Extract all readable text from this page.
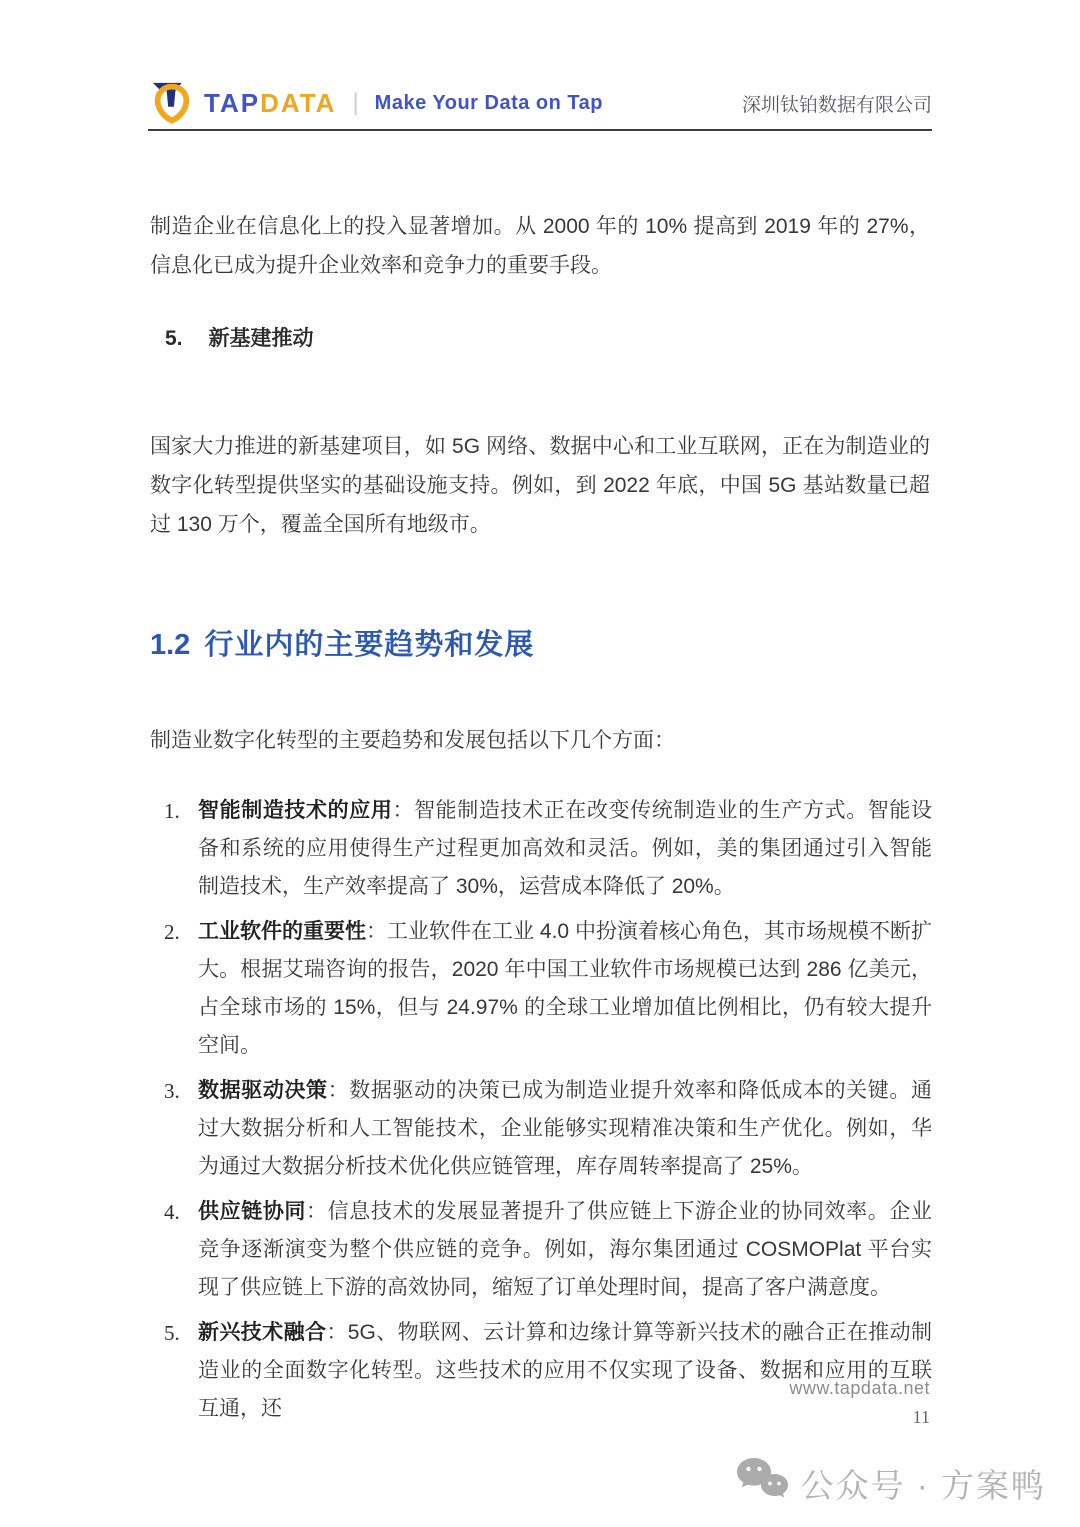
TAPDATA | Make Your Data on Tap	深圳钛铂数据有限公司

制造企业在信息化上的投入显著增加。从 2000 年的 10% 提高到 2019 年的 27%，信息化已成为提升企业效率和竞争力的重要手段。

5. 新基建推动

国家大力推进的新基建项目，如 5G 网络、数据中心和工业互联网，正在为制造业的数字化转型提供坚实的基础设施支持。例如，到 2022 年底，中国 5G 基站数量已超过 130 万个，覆盖全国所有地级市。

1.2 行业内的主要趋势和发展

制造业数字化转型的主要趋势和发展包括以下几个方面：

1. 智能制造技术的应用：智能制造技术正在改变传统制造业的生产方式。智能设备和系统的应用使得生产过程更加高效和灵活。例如，美的集团通过引入智能制造技术，生产效率提高了 30%，运营成本降低了 20%。
2. 工业软件的重要性：工业软件在工业 4.0 中扮演着核心角色，其市场规模不断扩大。根据艾瑞咨询的报告，2020 年中国工业软件市场规模已达到 286 亿美元，占全球市场的 15%，但与 24.97% 的全球工业增加值比例相比，仍有较大提升空间。
3. 数据驱动决策：数据驱动的决策已成为制造业提升效率和降低成本的关键。通过大数据分析和人工智能技术，企业能够实现精准决策和生产优化。例如，华为通过大数据分析技术优化供应链管理，库存周转率提高了 25%。
4. 供应链协同：信息技术的发展显著提升了供应链上下游企业的协同效率。企业竞争逐渐演变为整个供应链的竞争。例如，海尔集团通过 COSMOPlat 平台实现了供应链上下游的高效协同，缩短了订单处理时间，提高了客户满意度。
5. 新兴技术融合：5G、物联网、云计算和边缘计算等新兴技术的融合正在推动制造业的全面数字化转型。这些技术的应用不仅实现了设备、数据和应用的互联互通，还
www.tapdata.net
11
公众号 · 方案鸭
